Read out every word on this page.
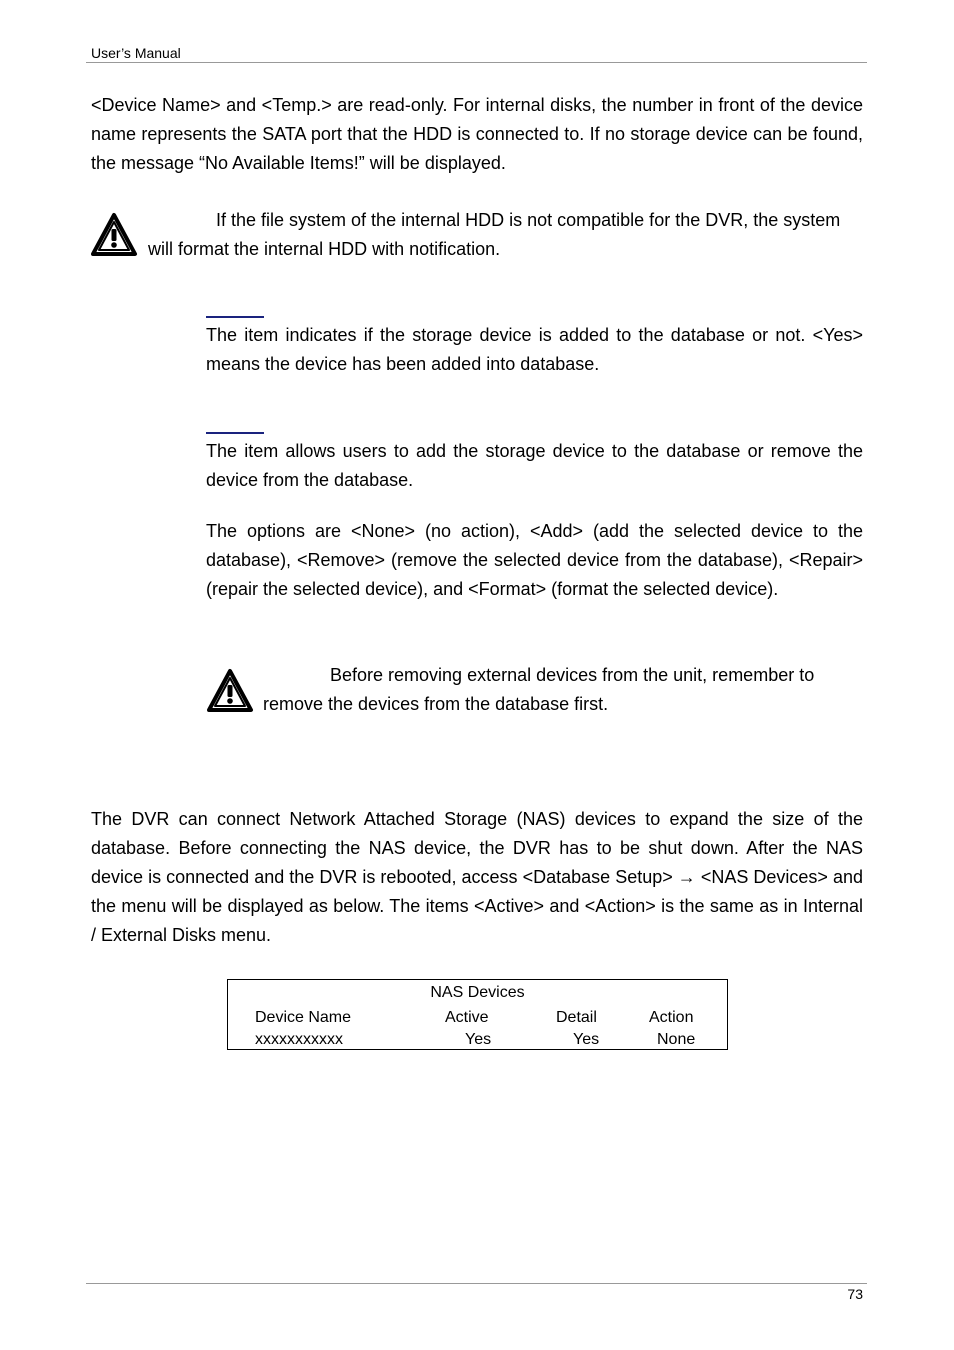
User’s Manual

<Device Name> and <Temp.> are read-only. For internal disks, the number in front of the device name represents the SATA port that the HDD is connected to. If no storage device can be found, the message “No Available Items!” will be displayed.

If the file system of the internal HDD is not compatible for the DVR, the system will format the internal HDD with notification.

The item indicates if the storage device is added to the database or not. <Yes> means the device has been added into database.

The item allows users to add the storage device to the database or remove the device from the database.

The options are <None> (no action), <Add> (add the selected device to the database), <Remove> (remove the selected device from the database), <Repair> (repair the selected device), and <Format> (format the selected device).

Before removing external devices from the unit, remember to remove the devices from the database first.

The DVR can connect Network Attached Storage (NAS) devices to expand the size of the database. Before connecting the NAS device, the DVR has to be shut down. After the NAS device is connected and the DVR is rebooted, access <Database Setup> → <NAS Devices> and the menu will be displayed as below. The items <Active> and <Action> is the same as in Internal / External Disks menu.

NAS Devices
Device Name	Active	Detail	Action
xxxxxxxxxxx	Yes	Yes	None
73
